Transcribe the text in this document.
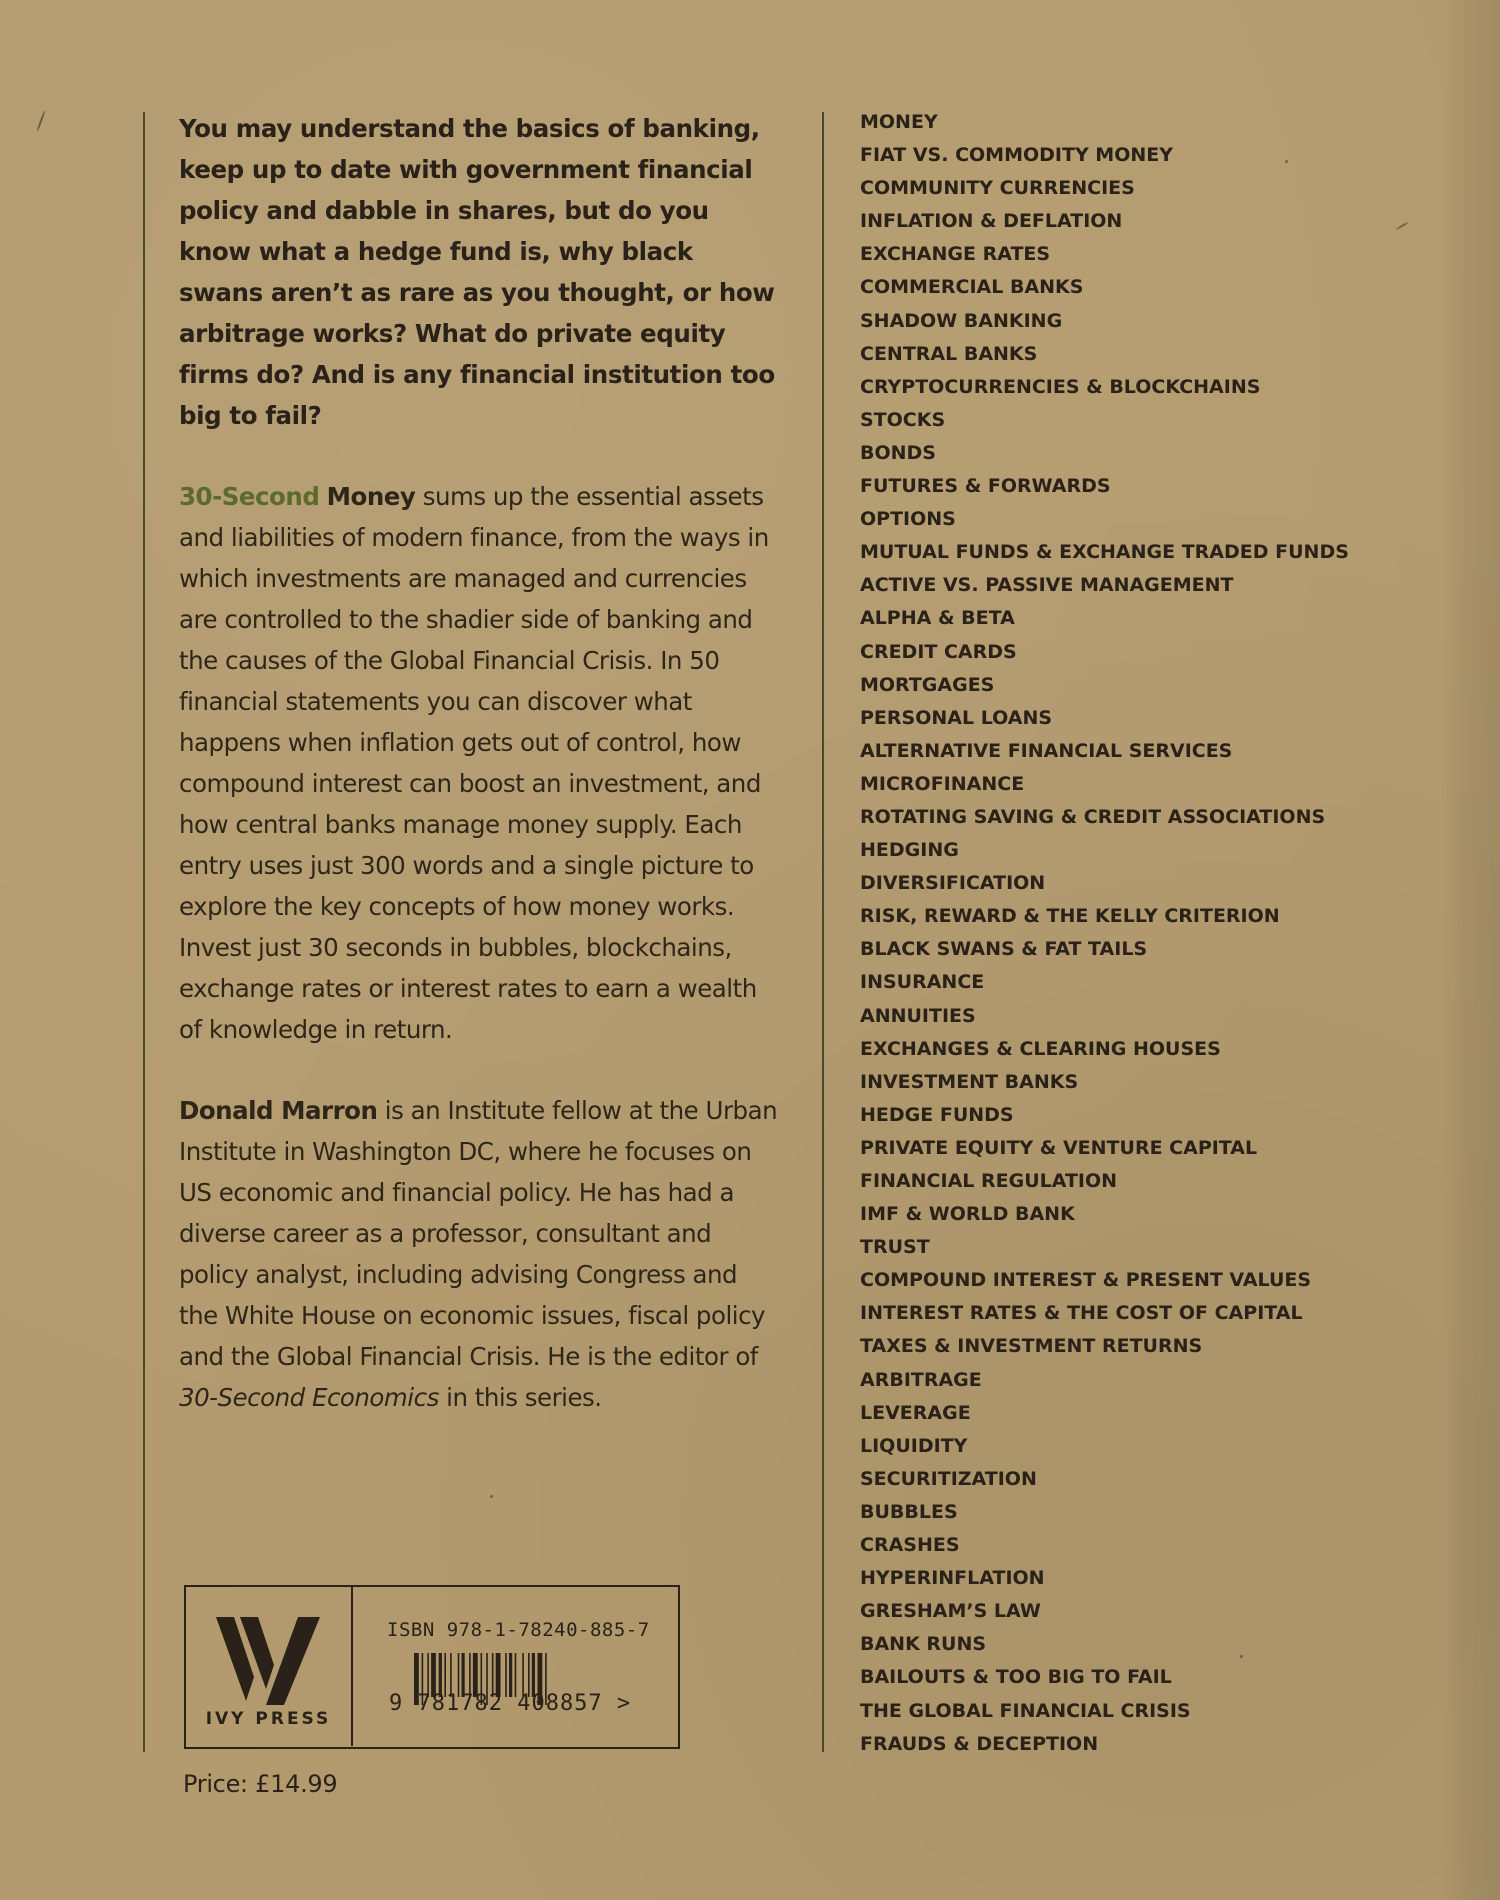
You may understand the basics of banking, keep up to date with government financial policy and dabble in shares, but do you know what a hedge fund is, why black swans aren’t as rare as you thought, or how arbitrage works? What do private equity firms do? And is any financial institution too big to fail?

30-Second Money sums up the essential assets and liabilities of modern finance, from the ways in which investments are managed and currencies are controlled to the shadier side of banking and the causes of the Global Financial Crisis. In 50 financial statements you can discover what happens when inflation gets out of control, how compound interest can boost an investment, and how central banks manage money supply. Each entry uses just 300 words and a single picture to explore the key concepts of how money works. Invest just 30 seconds in bubbles, blockchains, exchange rates or interest rates to earn a wealth of knowledge in return.

Donald Marron is an Institute fellow at the Urban Institute in Washington DC, where he focuses on US economic and financial policy. He has had a diverse career as a professor, consultant and policy analyst, including advising Congress and the White House on economic issues, fiscal policy and the Global Financial Crisis. He is the editor of 30-Second Economics in this series.

MONEY
FIAT VS. COMMODITY MONEY
COMMUNITY CURRENCIES
INFLATION & DEFLATION
EXCHANGE RATES
COMMERCIAL BANKS
SHADOW BANKING
CENTRAL BANKS
CRYPTOCURRENCIES & BLOCKCHAINS
STOCKS
BONDS
FUTURES & FORWARDS
OPTIONS
MUTUAL FUNDS & EXCHANGE TRADED FUNDS
ACTIVE VS. PASSIVE MANAGEMENT
ALPHA & BETA
CREDIT CARDS
MORTGAGES
PERSONAL LOANS
ALTERNATIVE FINANCIAL SERVICES
MICROFINANCE
ROTATING SAVING & CREDIT ASSOCIATIONS
HEDGING
DIVERSIFICATION
RISK, REWARD & THE KELLY CRITERION
BLACK SWANS & FAT TAILS
INSURANCE
ANNUITIES
EXCHANGES & CLEARING HOUSES
INVESTMENT BANKS
HEDGE FUNDS
PRIVATE EQUITY & VENTURE CAPITAL
FINANCIAL REGULATION
IMF & WORLD BANK
TRUST
COMPOUND INTEREST & PRESENT VALUES
INTEREST RATES & THE COST OF CAPITAL
TAXES & INVESTMENT RETURNS
ARBITRAGE
LEVERAGE
LIQUIDITY
SECURITIZATION
BUBBLES
CRASHES
HYPERINFLATION
GRESHAM’S LAW
BANK RUNS
BAILOUTS & TOO BIG TO FAIL
THE GLOBAL FINANCIAL CRISIS
FRAUDS & DECEPTION
IVY PRESS
ISBN 978-1-78240-885-7
9 781782 408857 >
Price: £14.99
